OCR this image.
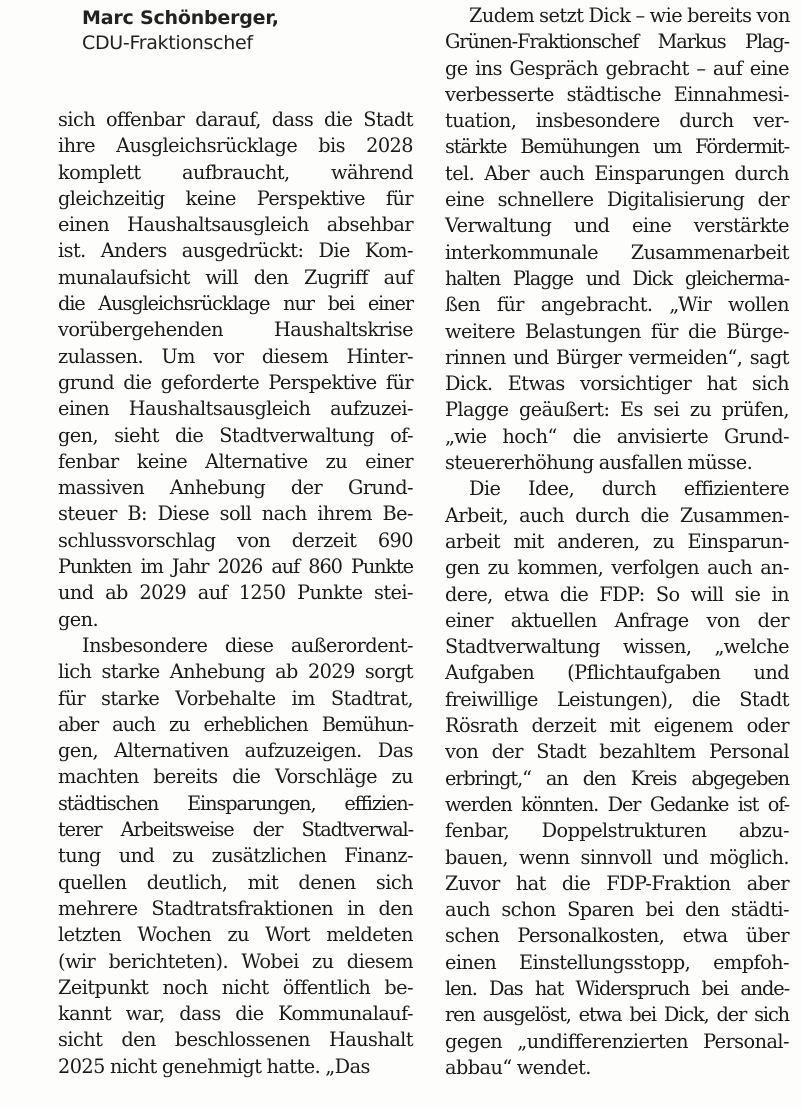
Marc Schönberger,
CDU-Fraktionschef
sich offenbar darauf, dass die Stadt
ihre Ausgleichsrücklage bis 2028
komplett aufbraucht, während
gleichzeitig keine Perspektive für
einen Haushaltsausgleich absehbar
ist. Anders ausgedrückt: Die Kom-
munalaufsicht will den Zugriff auf
die Ausgleichsrücklage nur bei einer
vorübergehenden Haushaltskrise
zulassen. Um vor diesem Hinter-
grund die geforderte Perspektive für
einen Haushaltsausgleich aufzuzei-
gen, sieht die Stadtverwaltung of-
fenbar keine Alternative zu einer
massiven Anhebung der Grund-
steuer B: Diese soll nach ihrem Be-
schlussvorschlag von derzeit 690
Punkten im Jahr 2026 auf 860 Punkte
und ab 2029 auf 1250 Punkte stei-
gen.
Insbesondere diese außerordent-
lich starke Anhebung ab 2029 sorgt
für starke Vorbehalte im Stadtrat,
aber auch zu erheblichen Bemühun-
gen, Alternativen aufzuzeigen. Das
machten bereits die Vorschläge zu
städtischen Einsparungen, effizien-
terer Arbeitsweise der Stadtverwal-
tung und zu zusätzlichen Finanz-
quellen deutlich, mit denen sich
mehrere Stadtratsfraktionen in den
letzten Wochen zu Wort meldeten
(wir berichteten). Wobei zu diesem
Zeitpunkt noch nicht öffentlich be-
kannt war, dass die Kommunalauf-
sicht den beschlossenen Haushalt
2025 nicht genehmigt hatte. „Das
Zudem setzt Dick – wie bereits von
Grünen-Fraktionschef Markus Plag-
ge ins Gespräch gebracht – auf eine
verbesserte städtische Einnahmesi-
tuation, insbesondere durch ver-
stärkte Bemühungen um Fördermit-
tel. Aber auch Einsparungen durch
eine schnellere Digitalisierung der
Verwaltung und eine verstärkte
interkommunale Zusammenarbeit
halten Plagge und Dick gleicherma-
ßen für angebracht. „Wir wollen
weitere Belastungen für die Bürge-
rinnen und Bürger vermeiden“, sagt
Dick. Etwas vorsichtiger hat sich
Plagge geäußert: Es sei zu prüfen,
„wie hoch“ die anvisierte Grund-
steuererhöhung ausfallen müsse.
Die Idee, durch effizientere
Arbeit, auch durch die Zusammen-
arbeit mit anderen, zu Einsparun-
gen zu kommen, verfolgen auch an-
dere, etwa die FDP: So will sie in
einer aktuellen Anfrage von der
Stadtverwaltung wissen, „welche
Aufgaben (Pflichtaufgaben und
freiwillige Leistungen), die Stadt
Rösrath derzeit mit eigenem oder
von der Stadt bezahltem Personal
erbringt,“ an den Kreis abgegeben
werden könnten. Der Gedanke ist of-
fenbar, Doppelstrukturen abzu-
bauen, wenn sinnvoll und möglich.
Zuvor hat die FDP-Fraktion aber
auch schon Sparen bei den städti-
schen Personalkosten, etwa über
einen Einstellungsstopp, empfoh-
len. Das hat Widerspruch bei ande-
ren ausgelöst, etwa bei Dick, der sich
gegen „undifferenzierten Personal-
abbau“ wendet.
